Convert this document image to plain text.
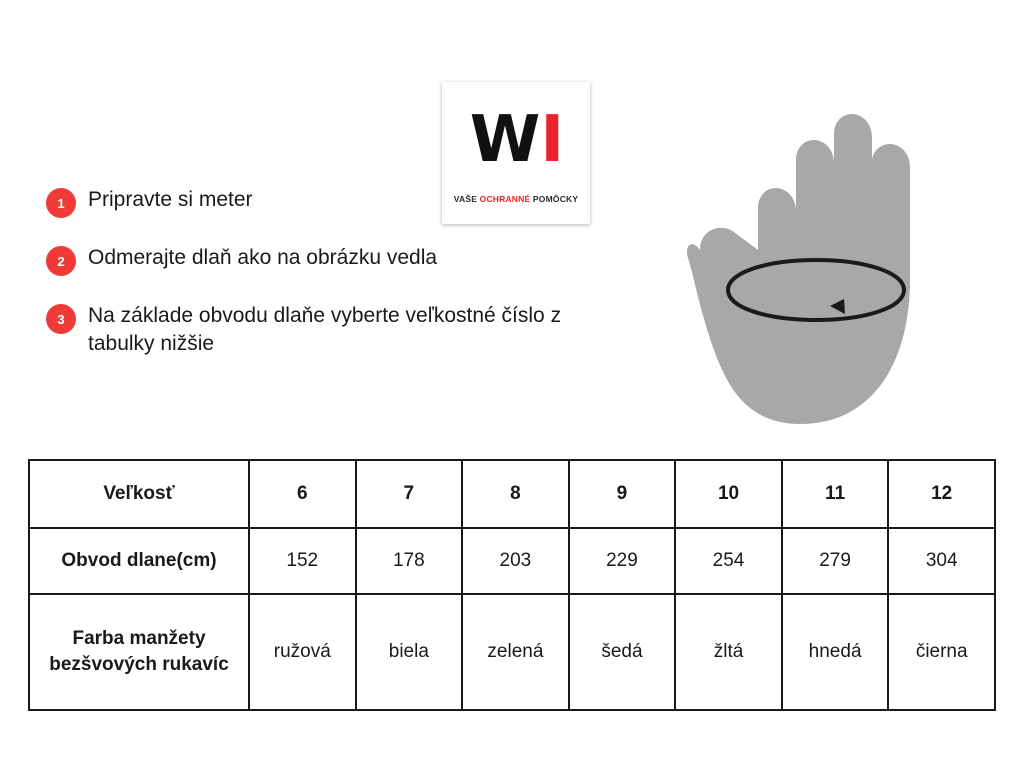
W I
VAŠE OCHRANNÉ POMÔCKY
1	Pripravte si meter
2	Odmerajte dlaň ako na obrázku vedla
3	Na základe obvodu dlaňe vyberte veľkostné číslo z tabulky nižšie
Veľkosť	6	7	8	9	10	11	12
Obvod dlane(cm)	152	178	203	229	254	279	304
Farba manžety bezšvových rukavíc	ružová	biela	zelená	šedá	žltá	hnedá	čierna
